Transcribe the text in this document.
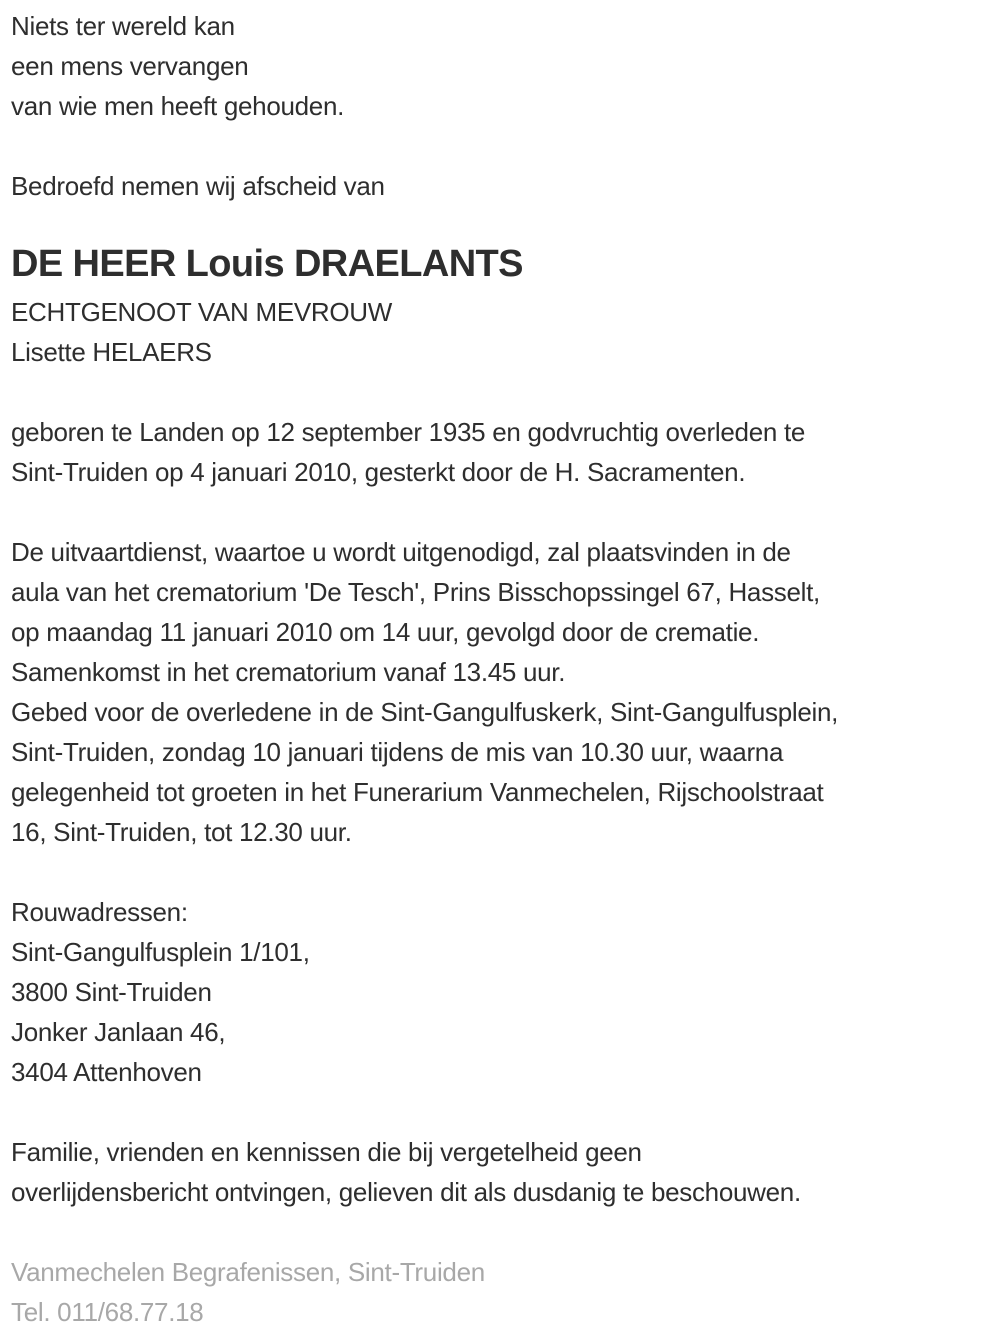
Niets ter wereld kan
een mens vervangen
van wie men heeft gehouden.
Bedroefd nemen wij afscheid van
DE HEER Louis DRAELANTS
ECHTGENOOT VAN MEVROUW
Lisette HELAERS
geboren te Landen op 12 september 1935 en godvruchtig overleden te
Sint-Truiden op 4 januari 2010, gesterkt door de H. Sacramenten.
De uitvaartdienst, waartoe u wordt uitgenodigd, zal plaatsvinden in de
aula van het crematorium 'De Tesch', Prins Bisschopssingel 67, Hasselt,
op maandag 11 januari 2010 om 14 uur, gevolgd door de crematie.
Samenkomst in het crematorium vanaf 13.45 uur.
Gebed voor de overledene in de Sint-Gangulfuskerk, Sint-Gangulfusplein,
Sint-Truiden, zondag 10 januari tijdens de mis van 10.30 uur, waarna
gelegenheid tot groeten in het Funerarium Vanmechelen, Rijschoolstraat
16, Sint-Truiden, tot 12.30 uur.
Rouwadressen:
Sint-Gangulfusplein 1/101,
3800 Sint-Truiden
Jonker Janlaan 46,
3404 Attenhoven
Familie, vrienden en kennissen die bij vergetelheid geen
overlijdensbericht ontvingen, gelieven dit als dusdanig te beschouwen.
Vanmechelen Begrafenissen, Sint-Truiden
Tel. 011/68.77.18
